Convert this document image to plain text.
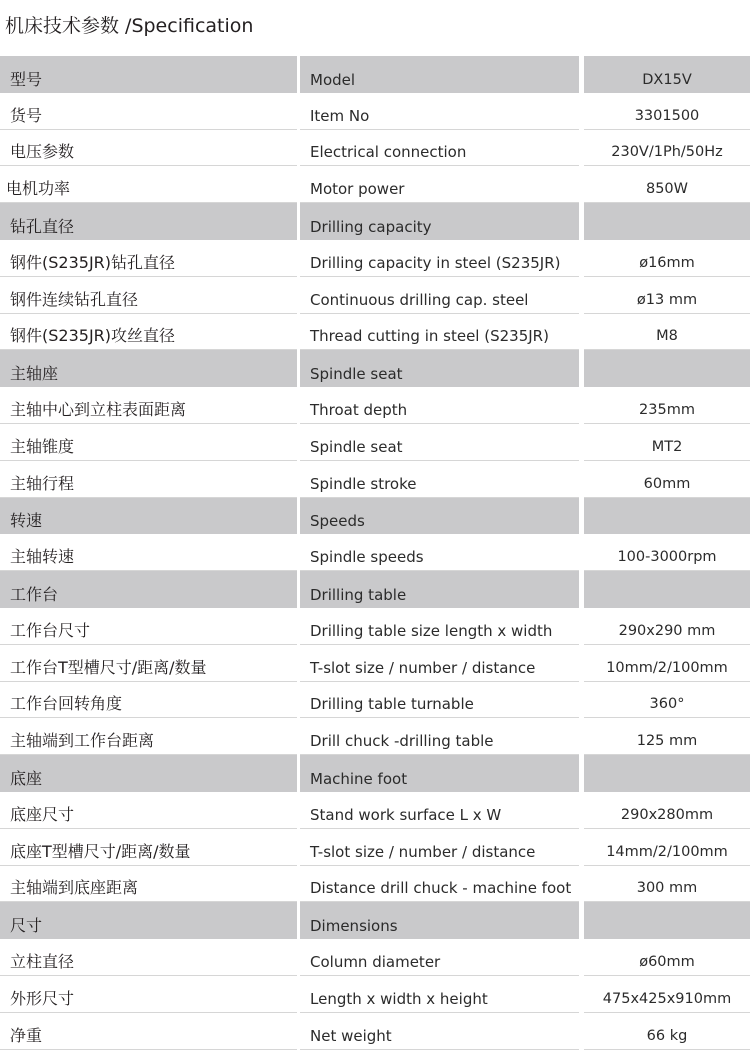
机床技术参数 /Specification
型号	Model	DX15V
货号	Item No	3301500
电压参数	Electrical connection	230V/1Ph/50Hz
电机功率	Motor power	850W
钻孔直径	Drilling capacity
钢件(S235JR)钻孔直径	Drilling capacity in steel (S235JR)	ø16mm
钢件连续钻孔直径	Continuous drilling cap. steel	ø13 mm
钢件(S235JR)攻丝直径	Thread cutting in steel (S235JR)	M8
主轴座	Spindle seat
主轴中心到立柱表面距离	Throat depth	235mm
主轴锥度	Spindle seat	MT2
主轴行程	Spindle stroke	60mm
转速	Speeds
主轴转速	Spindle speeds	100-3000rpm
工作台	Drilling table
工作台尺寸	Drilling table size length x width	290x290 mm
工作台T型槽尺寸/距离/数量	T-slot size / number / distance	10mm/2/100mm
工作台回转角度	Drilling table turnable	360°
主轴端到工作台距离	Drill chuck -drilling table	125 mm
底座	Machine foot
底座尺寸	Stand work surface L x W	290x280mm
底座T型槽尺寸/距离/数量	T-slot size / number / distance	14mm/2/100mm
主轴端到底座距离	Distance drill chuck - machine foot	300 mm
尺寸	Dimensions
立柱直径	Column diameter	ø60mm
外形尺寸	Length x width x height	475x425x910mm
净重	Net weight	66 kg
